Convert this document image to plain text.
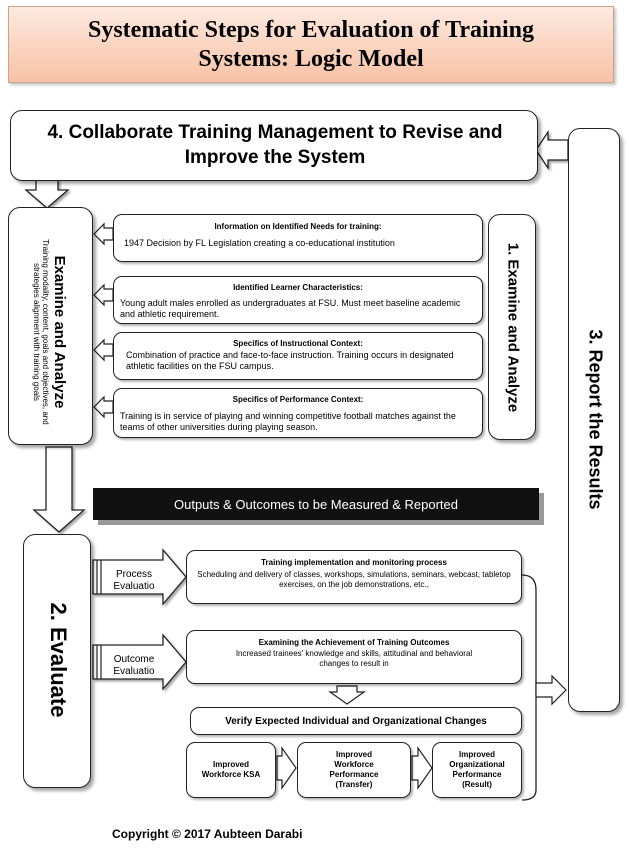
Systematic Steps for Evaluation of Training Systems: Logic Model
4. Collaborate Training Management to Revise and Improve the System
3. Report the Results
Examine and Analyze
Training modality, content, goals and objectives, and strategies alignment with training goals
Information on Identified Needs for training:
1947 Decision by FL Legislation creating a co-educational institution
Identified Learner Characteristics:
Young adult males enrolled as undergraduates at FSU. Must meet baseline academic and athletic requirement.
Specifics of Instructional Context:
Combination of practice and face-to-face instruction. Training occurs in designated athletic facilities on the FSU campus.
Specifics of Performance Context:
Training is in service of playing and winning competitive football matches against the teams of other universities during playing season.
1. Examine and Analyze
Outputs & Outcomes to be Measured & Reported
2. Evaluate
Process Evaluatio
Outcome Evaluatio
Training implementation and monitoring process
Scheduling and delivery of classes, workshops, simulations, seminars, webcast, tabletop exercises, on the job demonstrations, etc.,
Examining the Achievement of Training Outcomes
Increased trainees' knowledge and skills, attitudinal and behavioral changes to result in
Verify Expected Individual and Organizational Changes
Improved Workforce KSA
Improved Workforce Performance (Transfer)
Improved Organizational Performance (Result)
Copyright © 2017 Aubteen Darabi
